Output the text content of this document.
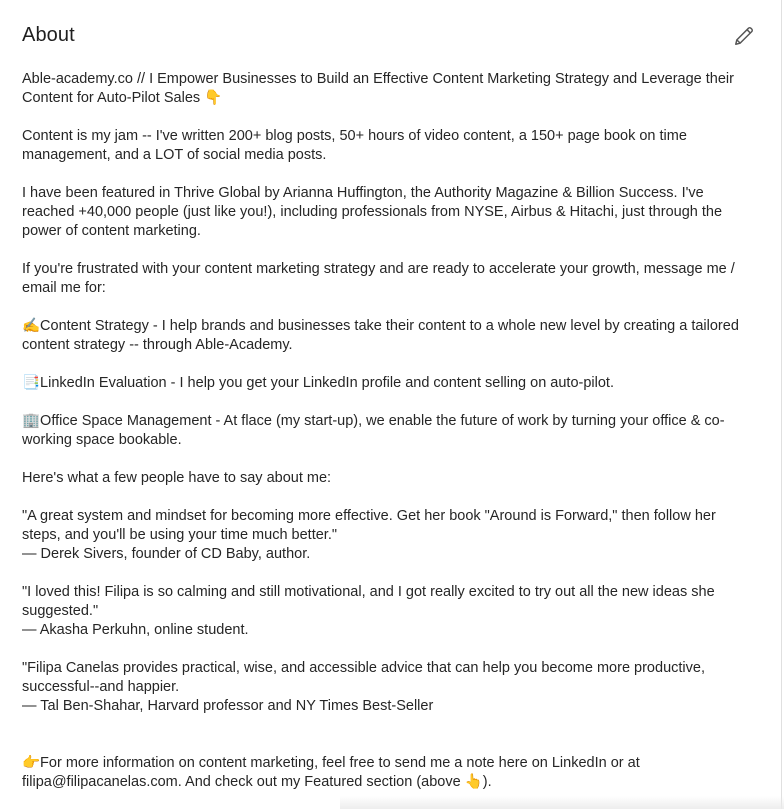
About

Able-academy.co // I Empower Businesses to Build an Effective Content Marketing Strategy and Leverage their Content for Auto-Pilot Sales 👇

Content is my jam -- I've written 200+ blog posts, 50+ hours of video content, a 150+ page book on time management, and a LOT of social media posts.

I have been featured in Thrive Global by Arianna Huffington, the Authority Magazine & Billion Success. I've reached +40,000 people (just like you!), including professionals from NYSE, Airbus & Hitachi, just through the power of content marketing.

If you're frustrated with your content marketing strategy and are ready to accelerate your growth, message me / email me for:

✍️Content Strategy - I help brands and businesses take their content to a whole new level by creating a tailored content strategy -- through Able-Academy.

📑LinkedIn Evaluation - I help you get your LinkedIn profile and content selling on auto-pilot.

🏢Office Space Management - At flace (my start-up), we enable the future of work by turning your office & co-working space bookable.

Here's what a few people have to say about me:

"A great system and mindset for becoming more effective. Get her book "Around is Forward," then follow her steps, and you'll be using your time much better."

— Derek Sivers, founder of CD Baby, author.

"I loved this! Filipa is so calming and still motivational, and I got really excited to try out all the new ideas she suggested."

— Akasha Perkuhn, online student.

"Filipa Canelas provides practical, wise, and accessible advice that can help you become more productive, successful--and happier.

— Tal Ben-Shahar, Harvard professor and NY Times Best-Seller

👉For more information on content marketing, feel free to send me a note here on LinkedIn or at filipa@filipacanelas.com. And check out my Featured section (above 👆).
